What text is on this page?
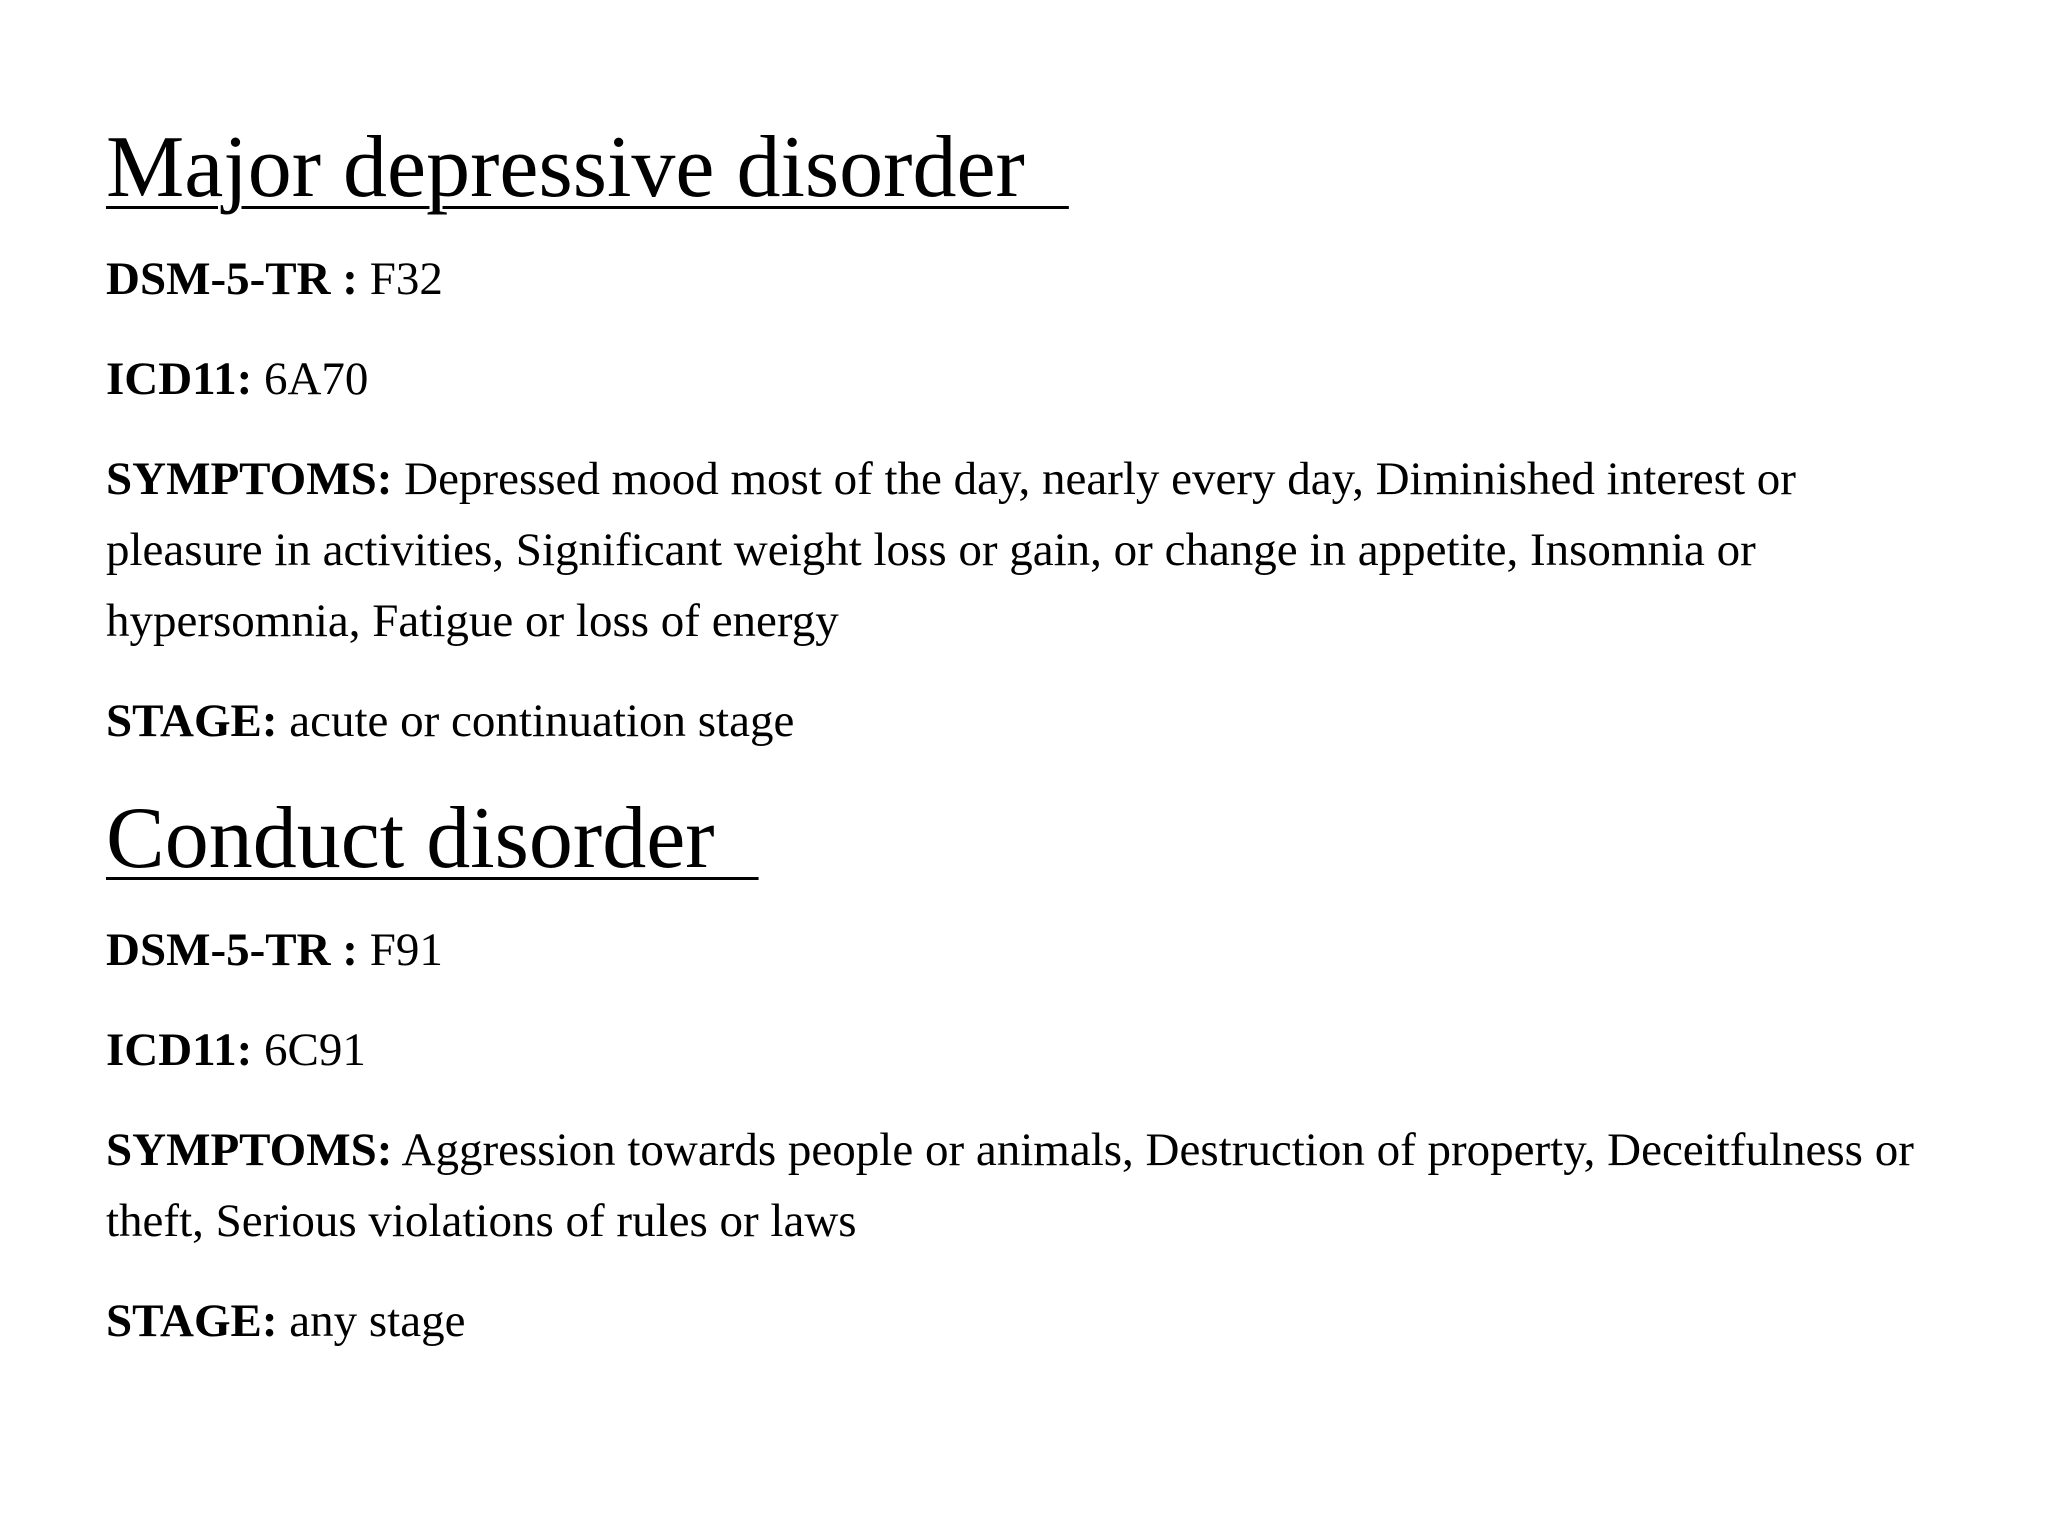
Major depressive disorder

DSM-5-TR : F32

ICD11: 6A70

SYMPTOMS: Depressed mood most of the day, nearly every day, Diminished interest or pleasure in activities, Significant weight loss or gain, or change in appetite, Insomnia or hypersomnia, Fatigue or loss of energy

STAGE: acute or continuation stage

Conduct disorder

DSM-5-TR : F91

ICD11: 6C91

SYMPTOMS: Aggression towards people or animals, Destruction of property, Deceitfulness or theft, Serious violations of rules or laws

STAGE: any stage
